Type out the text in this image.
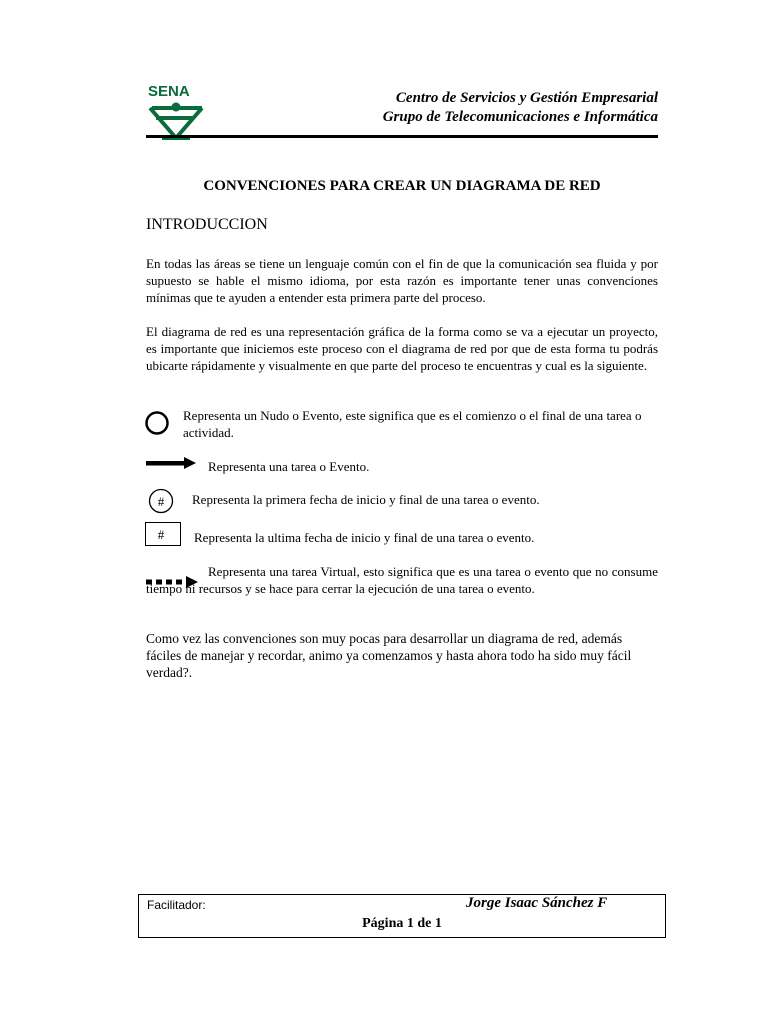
SENA	Centro de Servicios y Gestión Empresarial
Grupo de Telecomunicaciones e Informática
CONVENCIONES PARA CREAR UN DIAGRAMA DE RED
INTRODUCCION
En todas las áreas se tiene un lenguaje común con el fin de que la comunicación sea fluida y por supuesto se hable el mismo idioma, por esta razón es importante tener unas convenciones mínimas que te ayuden a entender esta primera parte del proceso.
El diagrama de red es una representación gráfica de la forma como se va a ejecutar un proyecto, es importante que iniciemos este proceso con el diagrama de red por que de esta forma tu podrás ubicarte rápidamente y visualmente en que parte del proceso te encuentras y cual es la siguiente.
Representa un Nudo o Evento, este significa que es el comienzo o el final de una tarea o actividad.
Representa una tarea o Evento.
# Representa la primera fecha de inicio y final de una tarea o evento.
# Representa la ultima fecha de inicio y final de una tarea o evento.
Representa una tarea Virtual, esto significa que es una tarea o evento que no consume tiempo ni recursos y se hace para cerrar la ejecución de una tarea o evento.
Como vez las convenciones son muy pocas para desarrollar un diagrama de red, además fáciles de manejar y recordar, animo ya comenzamos y hasta ahora todo ha sido muy fácil verdad?.
Facilitador:	Jorge Isaac Sánchez F
Página 1 de 1
